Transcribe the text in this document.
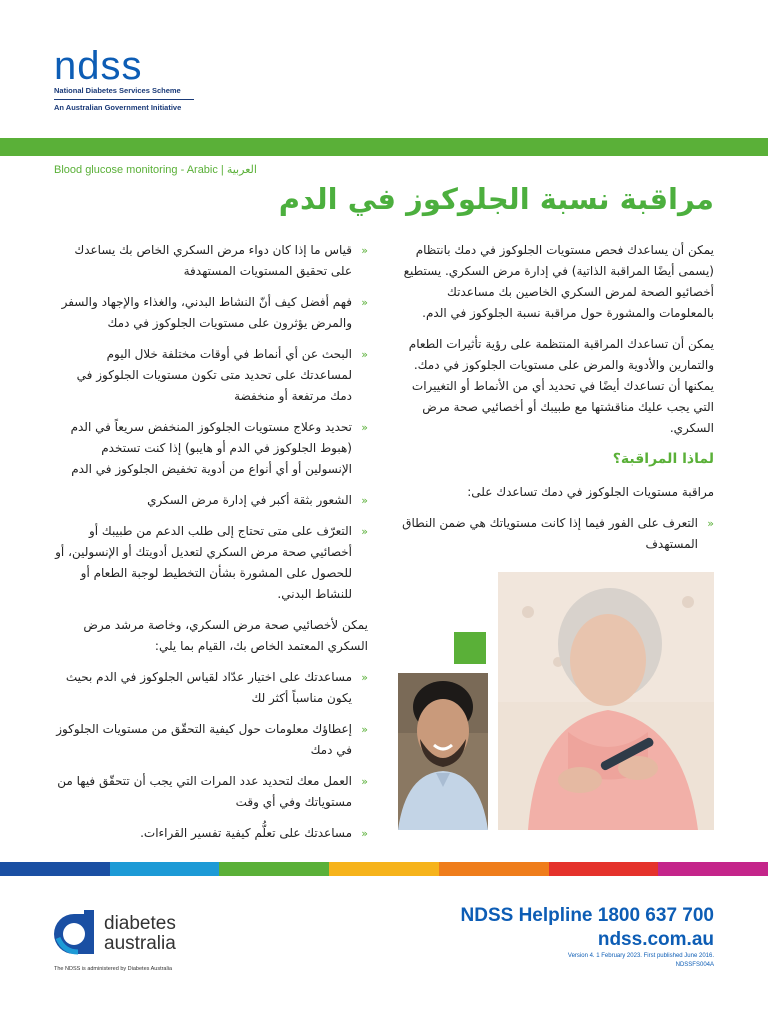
ndss
National Diabetes Services Scheme
An Australian Government Initiative
Blood glucose monitoring - Arabic | العربية
مراقبة نسبة الجلوكوز في الدم

يمكن أن يساعدك فحص مستويات الجلوكوز في دمك بانتظام (يسمى أيضًا المراقبة الذاتية) في إدارة مرض السكري. يستطيع أخصائيو الصحة لمرض السكري الخاصين بك مساعدتك بالمعلومات والمشورة حول مراقبة نسبة الجلوكوز في الدم.

يمكن أن تساعدك المراقبة المنتظمة على رؤية تأثيرات الطعام والتمارين والأدوية والمرض على مستويات الجلوكوز في دمك. يمكنها أن تساعدك أيضًا في تحديد أي من الأنماط أو التغييرات التي يجب عليك مناقشتها مع طبيبك أو أخصائيي صحة مرض السكري.

لماذا المراقبة؟

مراقبة مستويات الجلوكوز في دمك تساعدك على:

«
التعرف على الفور فيما إذا كانت مستوياتك هي ضمن النطاق المستهدف
«
قياس ما إذا كان دواء مرض السكري الخاص بك يساعدك على تحقيق المستويات المستهدفة
«
فهم أفضل كيف أنّ النشاط البدني، والغذاء والإجهاد والسفر والمرض يؤثرون على مستويات الجلوكوز في دمك
«
البحث عن أي أنماط في أوقات مختلفة خلال اليوم لمساعدتك على تحديد متى تكون مستويات الجلوكوز في دمك مرتفعة أو منخفضة
«
تحديد وعلاج مستويات الجلوكوز المنخفض سريعاً في الدم (هبوط الجلوكوز في الدم أو هايبو) إذا كنت تستخدم الإنسولين أو أي أنواع من أدوية تخفيض الجلوكوز في الدم
«
الشعور بثقة أكبر في إدارة مرض السكري
«
التعرّف على متى تحتاج إلى طلب الدعم من طبيبك أو أخصائيي صحة مرض السكري لتعديل أدويتك أو الإنسولين، أو للحصول على المشورة بشأن التخطيط لوجبة الطعام أو للنشاط البدني.

يمكن لأخصائيي صحة مرض السكري، وخاصة مرشد مرض السكري المعتمد الخاص بك، القيام بما يلي:

«
مساعدتك على اختيار عدّاد لقياس الجلوكوز في الدم بحيث يكون مناسباً أكثر لك
«
إعطاؤك معلومات حول كيفية التحقّق من مستويات الجلوكوز في دمك
«
العمل معك لتحديد عدد المرات التي يجب أن تتحقّق فيها من مستوياتك وفي أي وقت
«
مساعدتك على تعلُّم كيفية تفسير القراءات.
diabetes
australia
The NDSS is administered by Diabetes Australia
NDSS Helpline 1800 637 700
ndss.com.au
Version 4. 1 February 2023. First published June 2016.
NDSSFS004A
